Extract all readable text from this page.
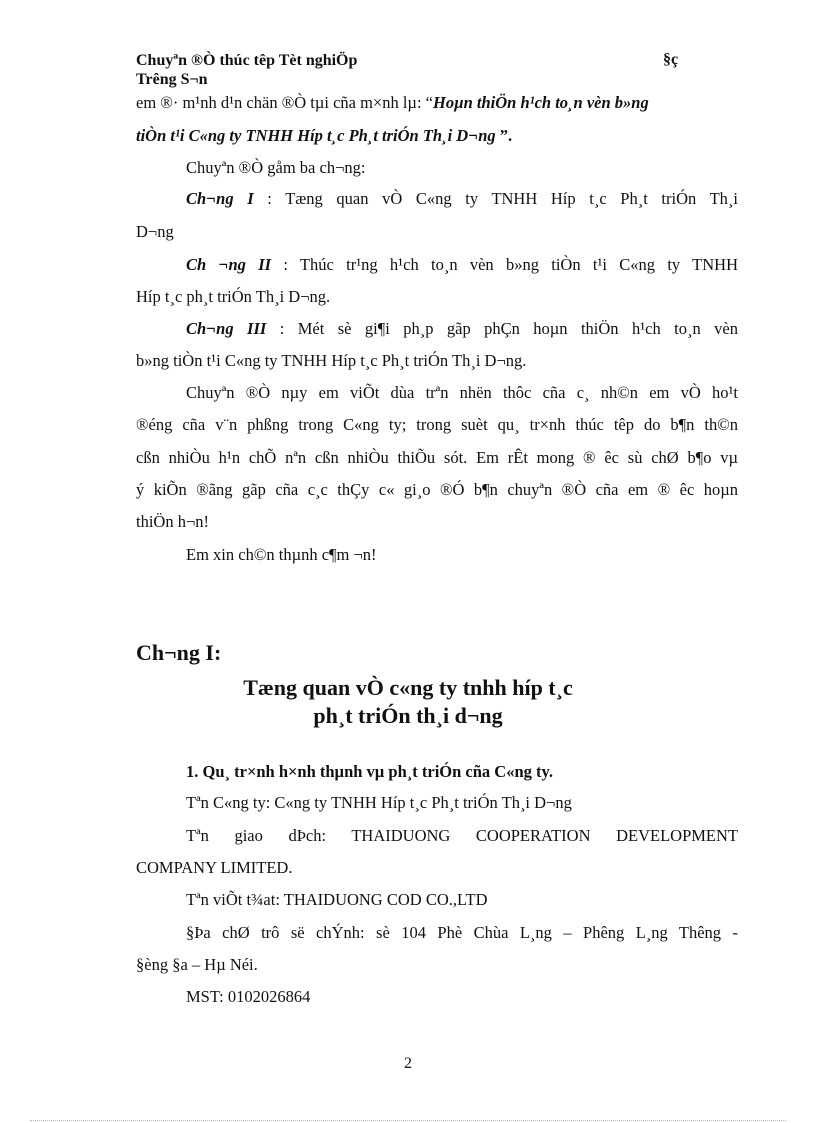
Chuyªn ®Ò thúc têp Tèt nghiÖp	§ç
Trêng S¬n
em ®· m¹nh d¹n chän ®Ò tµi cña m×nh lµ: “Hoµn thiÖn h¹ch to¸n vèn b»ng
tiÒn t¹i C«ng ty TNHH Híp t¸c Ph¸t triÓn Th¸i D¬ng ”.
Chuyªn ®Ò gåm ba ch¬ng:
Ch¬ng I : Tæng quan vÒ C«ng ty TNHH Híp t¸c Ph¸t triÓn Th¸i
D¬ng
Ch ¬ng II : Thúc tr¹ng h¹ch to¸n vèn b»ng tiÒn t¹i C«ng ty TNHH
Híp t¸c ph¸t triÓn Th¸i D¬ng.
Ch¬ng III : Mét sè gi¶i ph¸p gãp phÇn hoµn thiÖn h¹ch to¸n vèn
b»ng tiÒn t¹i C«ng ty TNHH Híp t¸c Ph¸t triÓn Th¸i D¬ng.
Chuyªn ®Ò nµy em viÕt dùa trªn nhën thôc cña c¸ nh©n em vÒ ho¹t
®éng cña v¨n phßng trong C«ng ty; trong suèt qu¸ tr×nh thúc têp do b¶n th©n
cßn nhiÒu h¹n chÕ nªn cßn nhiÒu thiÕu sót. Em rÊt mong ® êc sù chØ b¶o vµ
ý kiÕn ®ãng gãp cña c¸c thÇy c« gi¸o ®Ó b¶n chuyªn ®Ò cña em ® êc hoµn
thiÖn h¬n!
Em xin ch©n thµnh c¶m ¬n!
Ch¬ng I:
Tæng quan vÒ c«ng ty tnhh híp t¸c
ph¸t triÓn th¸i d¬ng
1. Qu¸ tr×nh h×nh thµnh vµ ph¸t triÓn cña C«ng ty.
Tªn C«ng ty: C«ng ty TNHH Híp t¸c Ph¸t triÓn Th¸i D¬ng
Tªn giao dÞch: THAIDUONG COOPERATION DEVELOPMENT
COMPANY LIMITED.
Tªn viÕt t¾at: THAIDUONG COD CO.,LTD
§Þa chØ trô së chÝnh: sè 104 Phè Chùa L¸ng – Phêng L¸ng Thêng -
§èng §a – Hµ Néi.
MST: 0102026864
2
